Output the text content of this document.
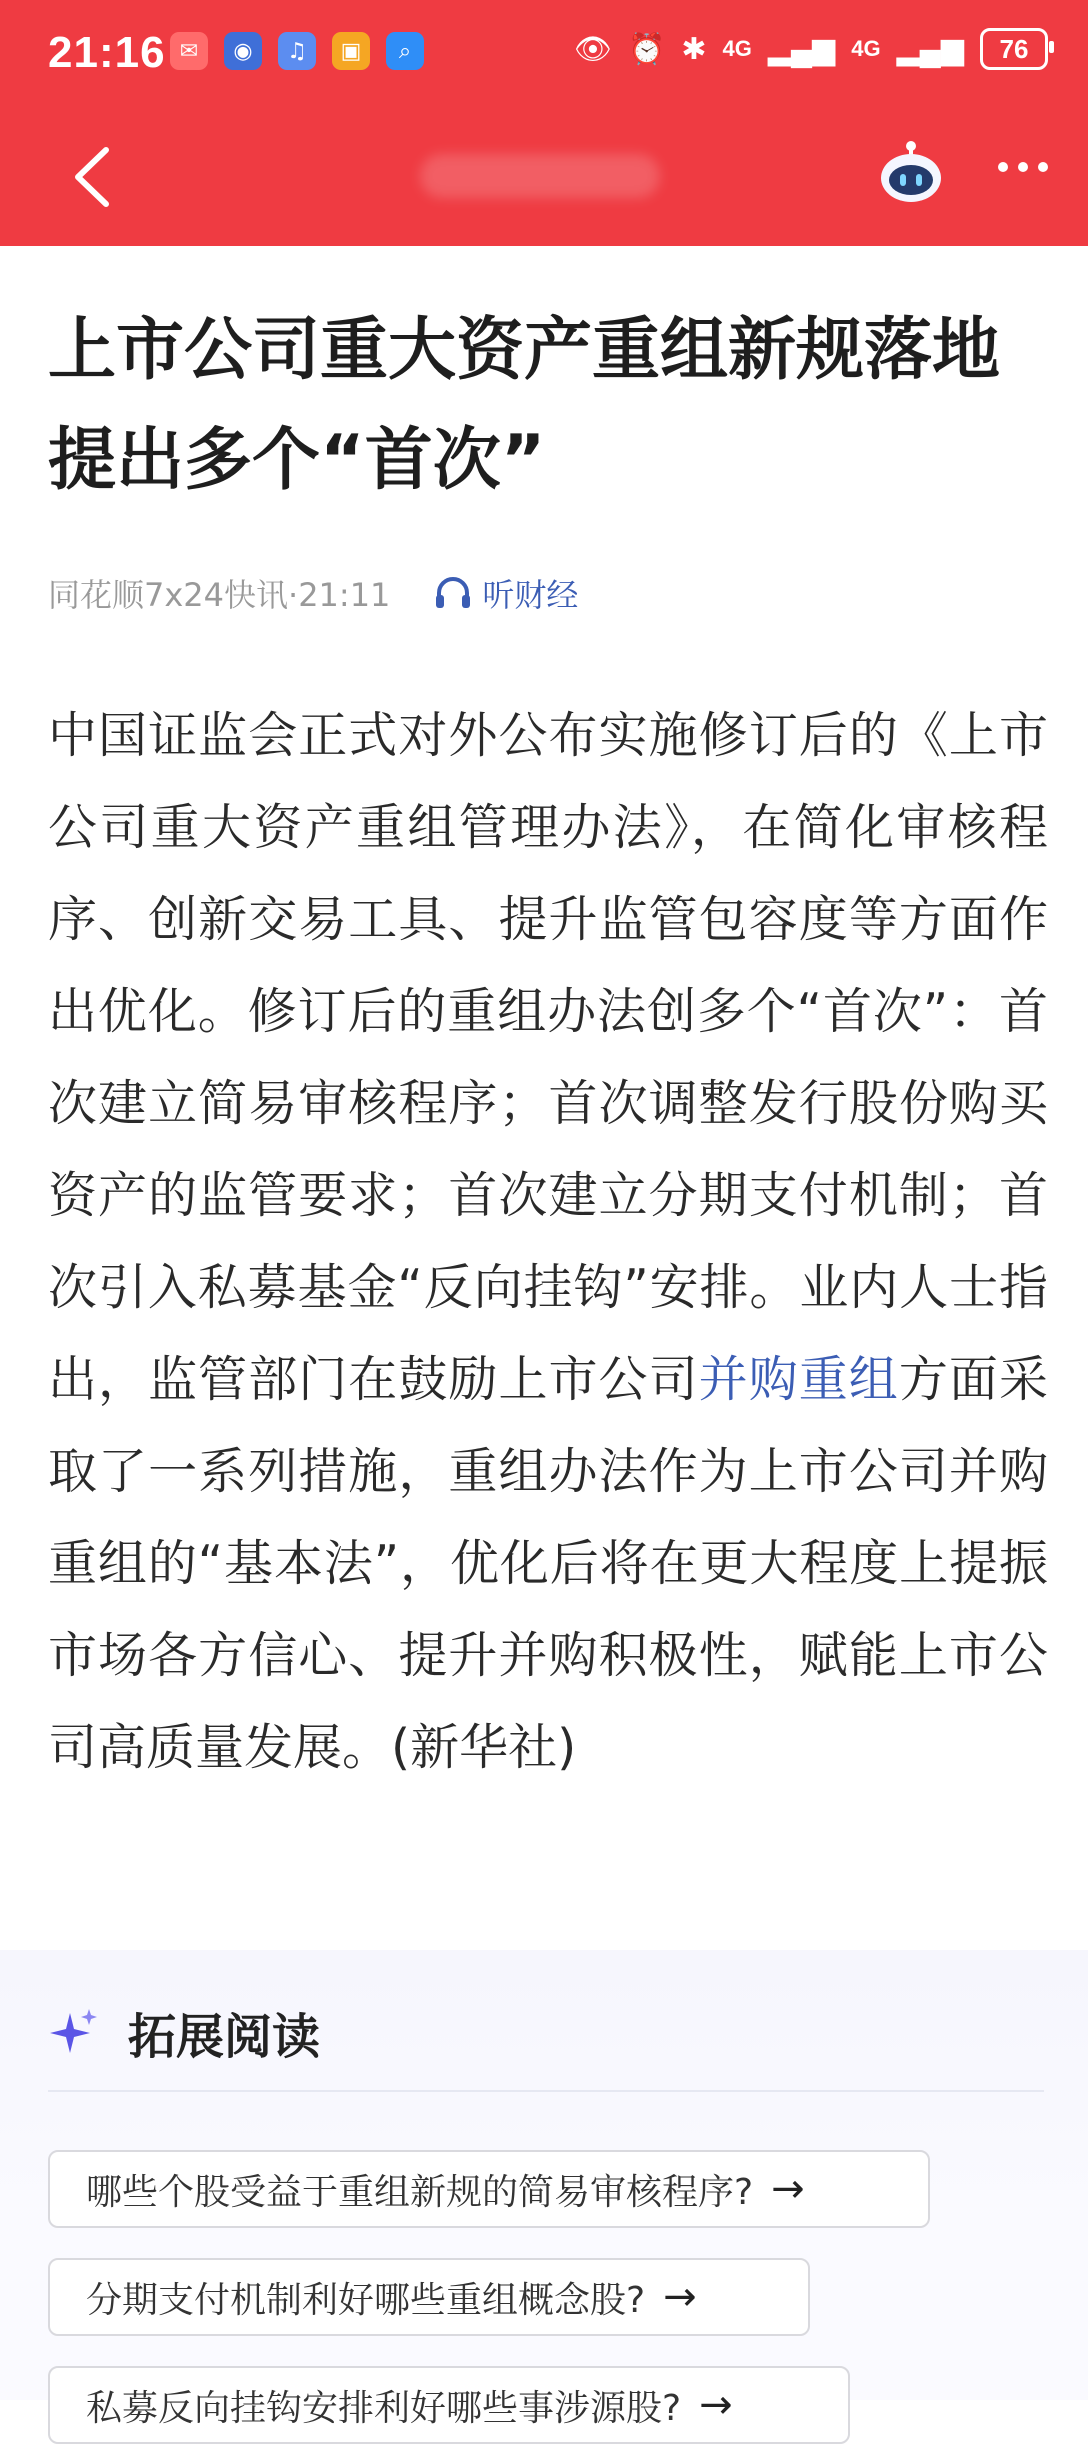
21:16 ✉	◉	♫	▣	⌕	👁 ⏰ ✱ 4G ▂▄▆ 4G ▂▄▆ 76
上市公司重大资产重组新规落地
提出多个“首次”
同花顺7x24快讯·21:11	听财经
中国证监会正式对外公布实施修订后的《上市公司重大资产重组管理办法》，在简化审核程序、创新交易工具、提升监管包容度等方面作出优化。修订后的重组办法创多个“首次”：首次建立简易审核程序；首次调整发行股份购买资产的监管要求；首次建立分期支付机制；首次引入私募基金“反向挂钩”安排。业内人士指出，监管部门在鼓励上市公司并购重组方面采取了一系列措施，重组办法作为上市公司并购重组的“基本法”，优化后将在更大程度上提振市场各方信心、提升并购积极性，赋能上市公司高质量发展。(新华社)
拓展阅读
哪些个股受益于重组新规的简易审核程序? →
分期支付机制利好哪些重组概念股? →
私募反向挂钩安排利好哪些事涉源股? →
